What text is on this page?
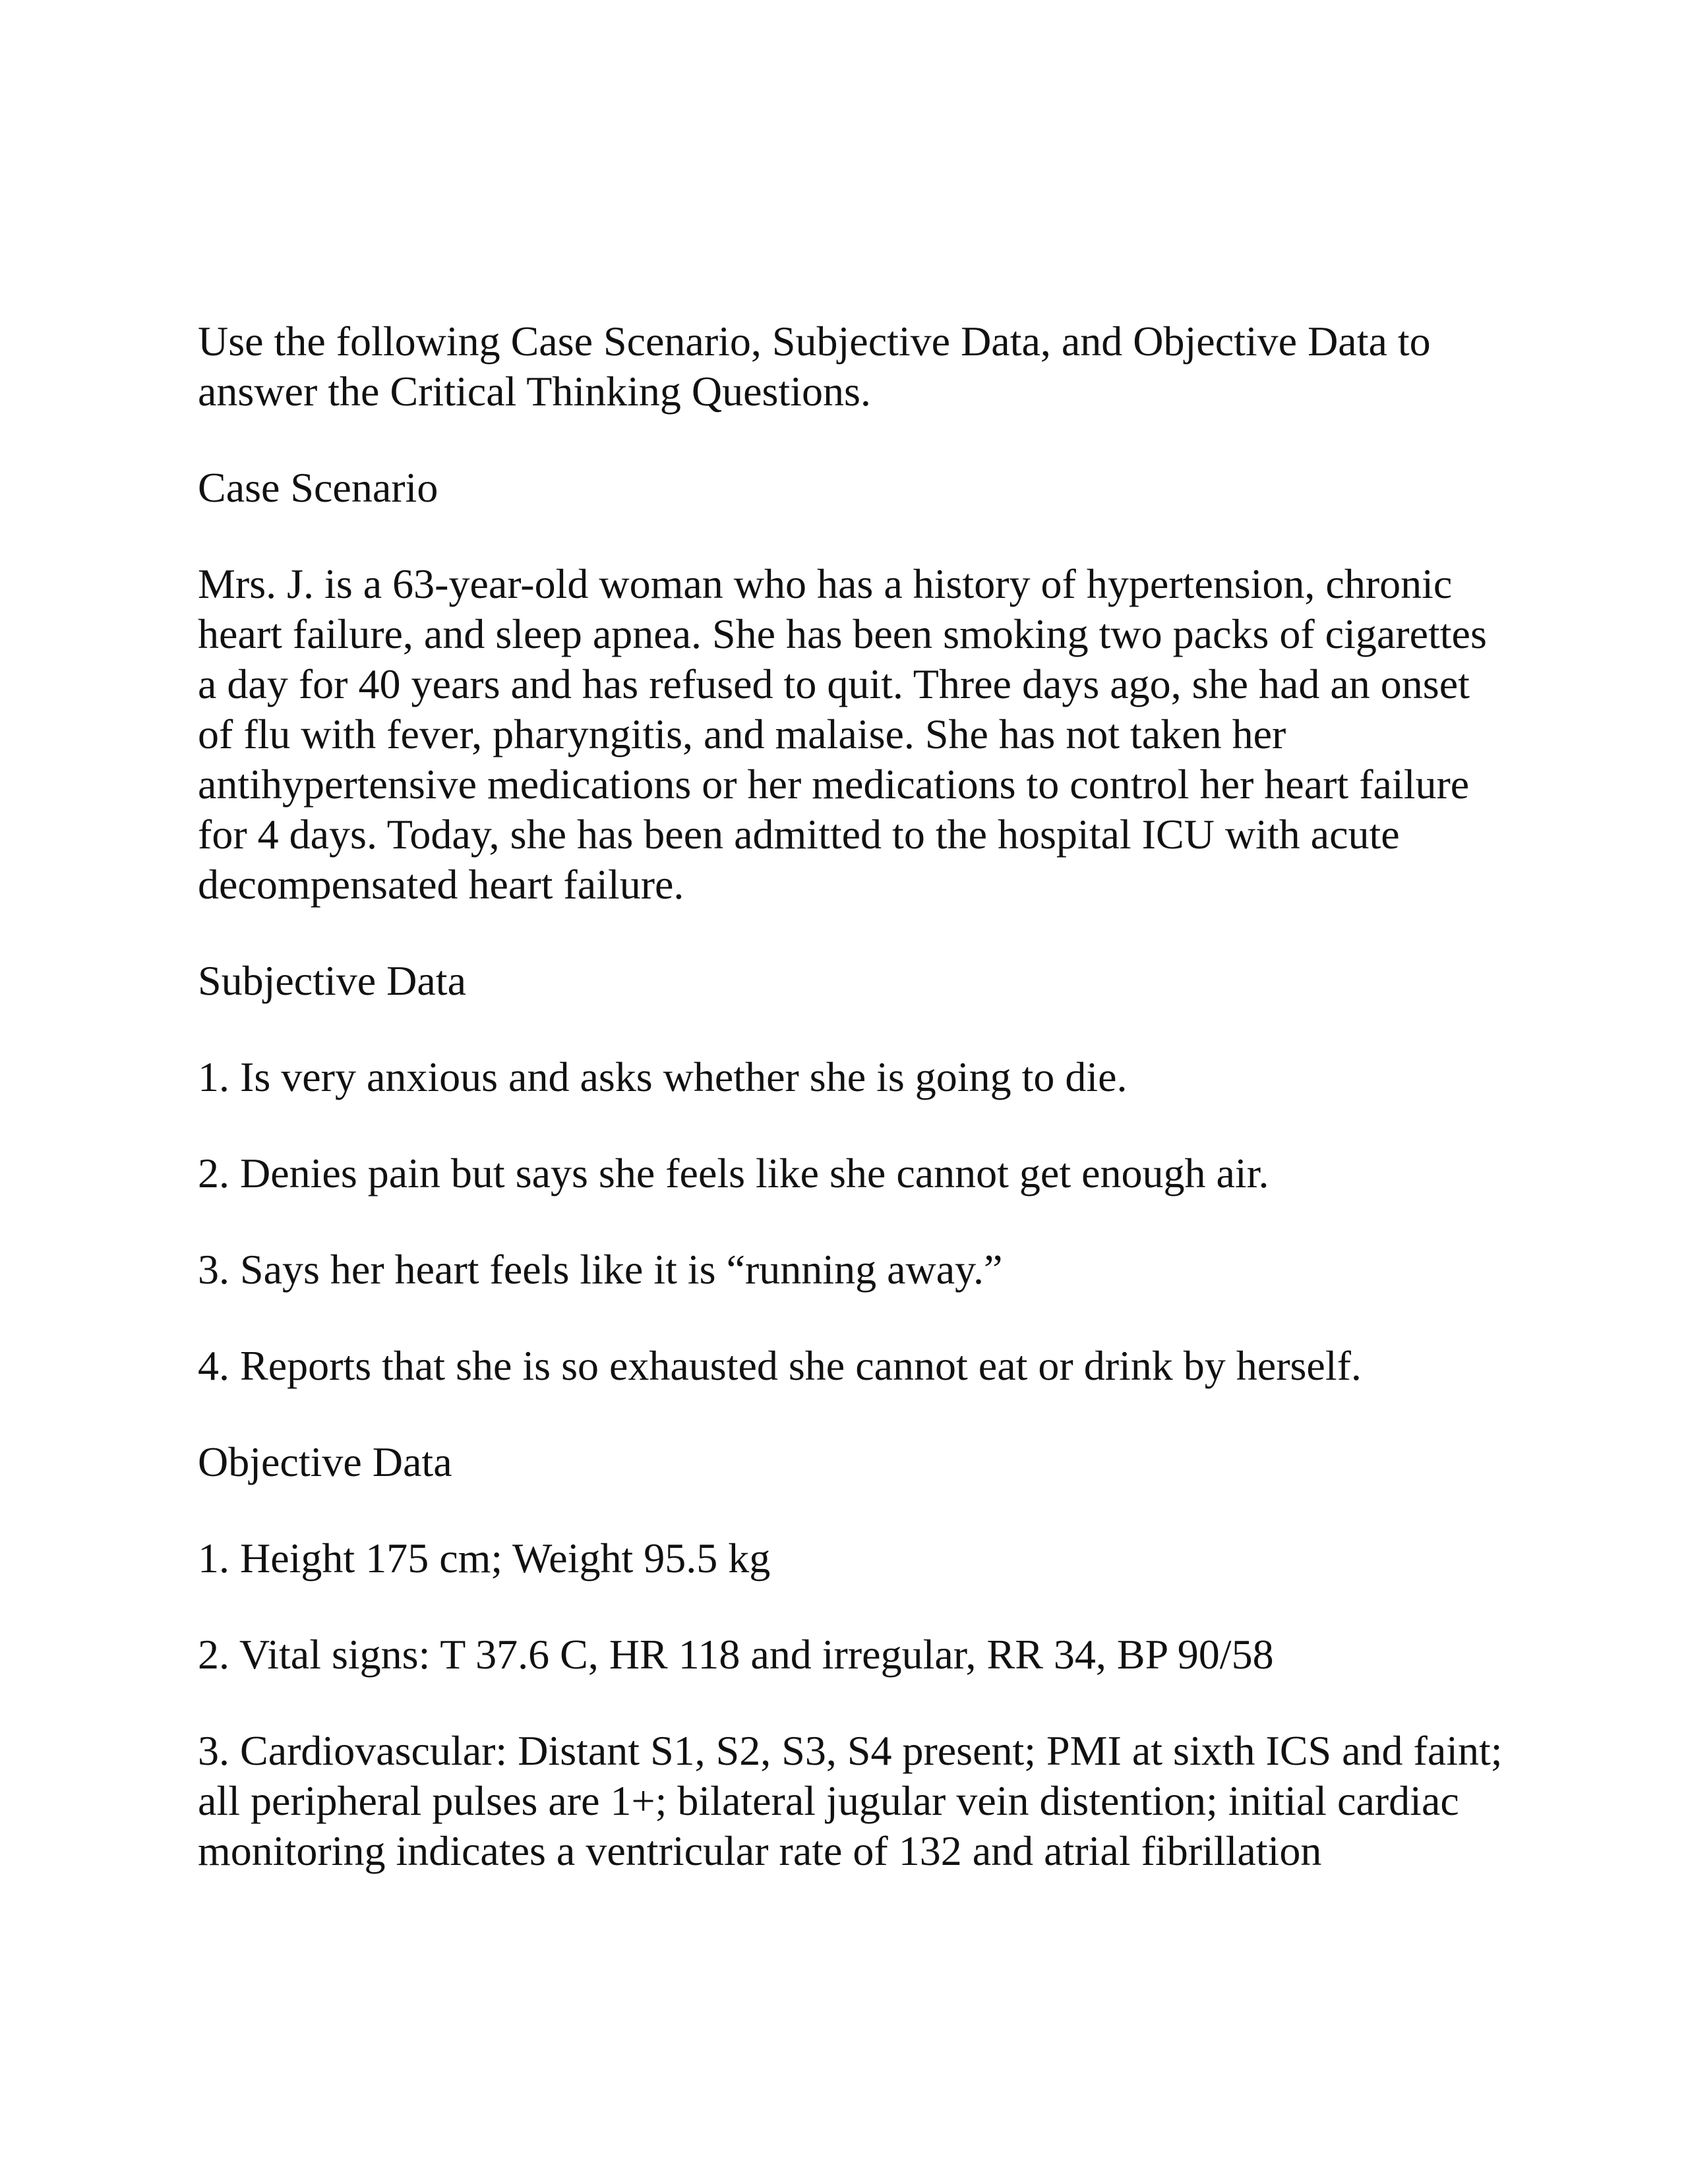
Use the following Case Scenario, Subjective Data, and Objective Data to answer the Critical Thinking Questions.

Case Scenario

Mrs. J. is a 63-year-old woman who has a history of hypertension, chronic heart failure, and sleep apnea. She has been smoking two packs of cigarettes a day for 40 years and has refused to quit. Three days ago, she had an onset of flu with fever, pharyngitis, and malaise. She has not taken her antihypertensive medications or her medications to control her heart failure for 4 days. Today, she has been admitted to the hospital ICU with acute decompensated heart failure.

Subjective Data

1. Is very anxious and asks whether she is going to die.

2. Denies pain but says she feels like she cannot get enough air.

3. Says her heart feels like it is “running away.”

4. Reports that she is so exhausted she cannot eat or drink by herself.

Objective Data

1. Height 175 cm; Weight 95.5 kg

2. Vital signs: T 37.6 C, HR 118 and irregular, RR 34, BP 90/58

3. Cardiovascular: Distant S1, S2, S3, S4 present; PMI at sixth ICS and faint; all peripheral pulses are 1+; bilateral jugular vein distention; initial cardiac monitoring indicates a ventricular rate of 132 and atrial fibrillation
